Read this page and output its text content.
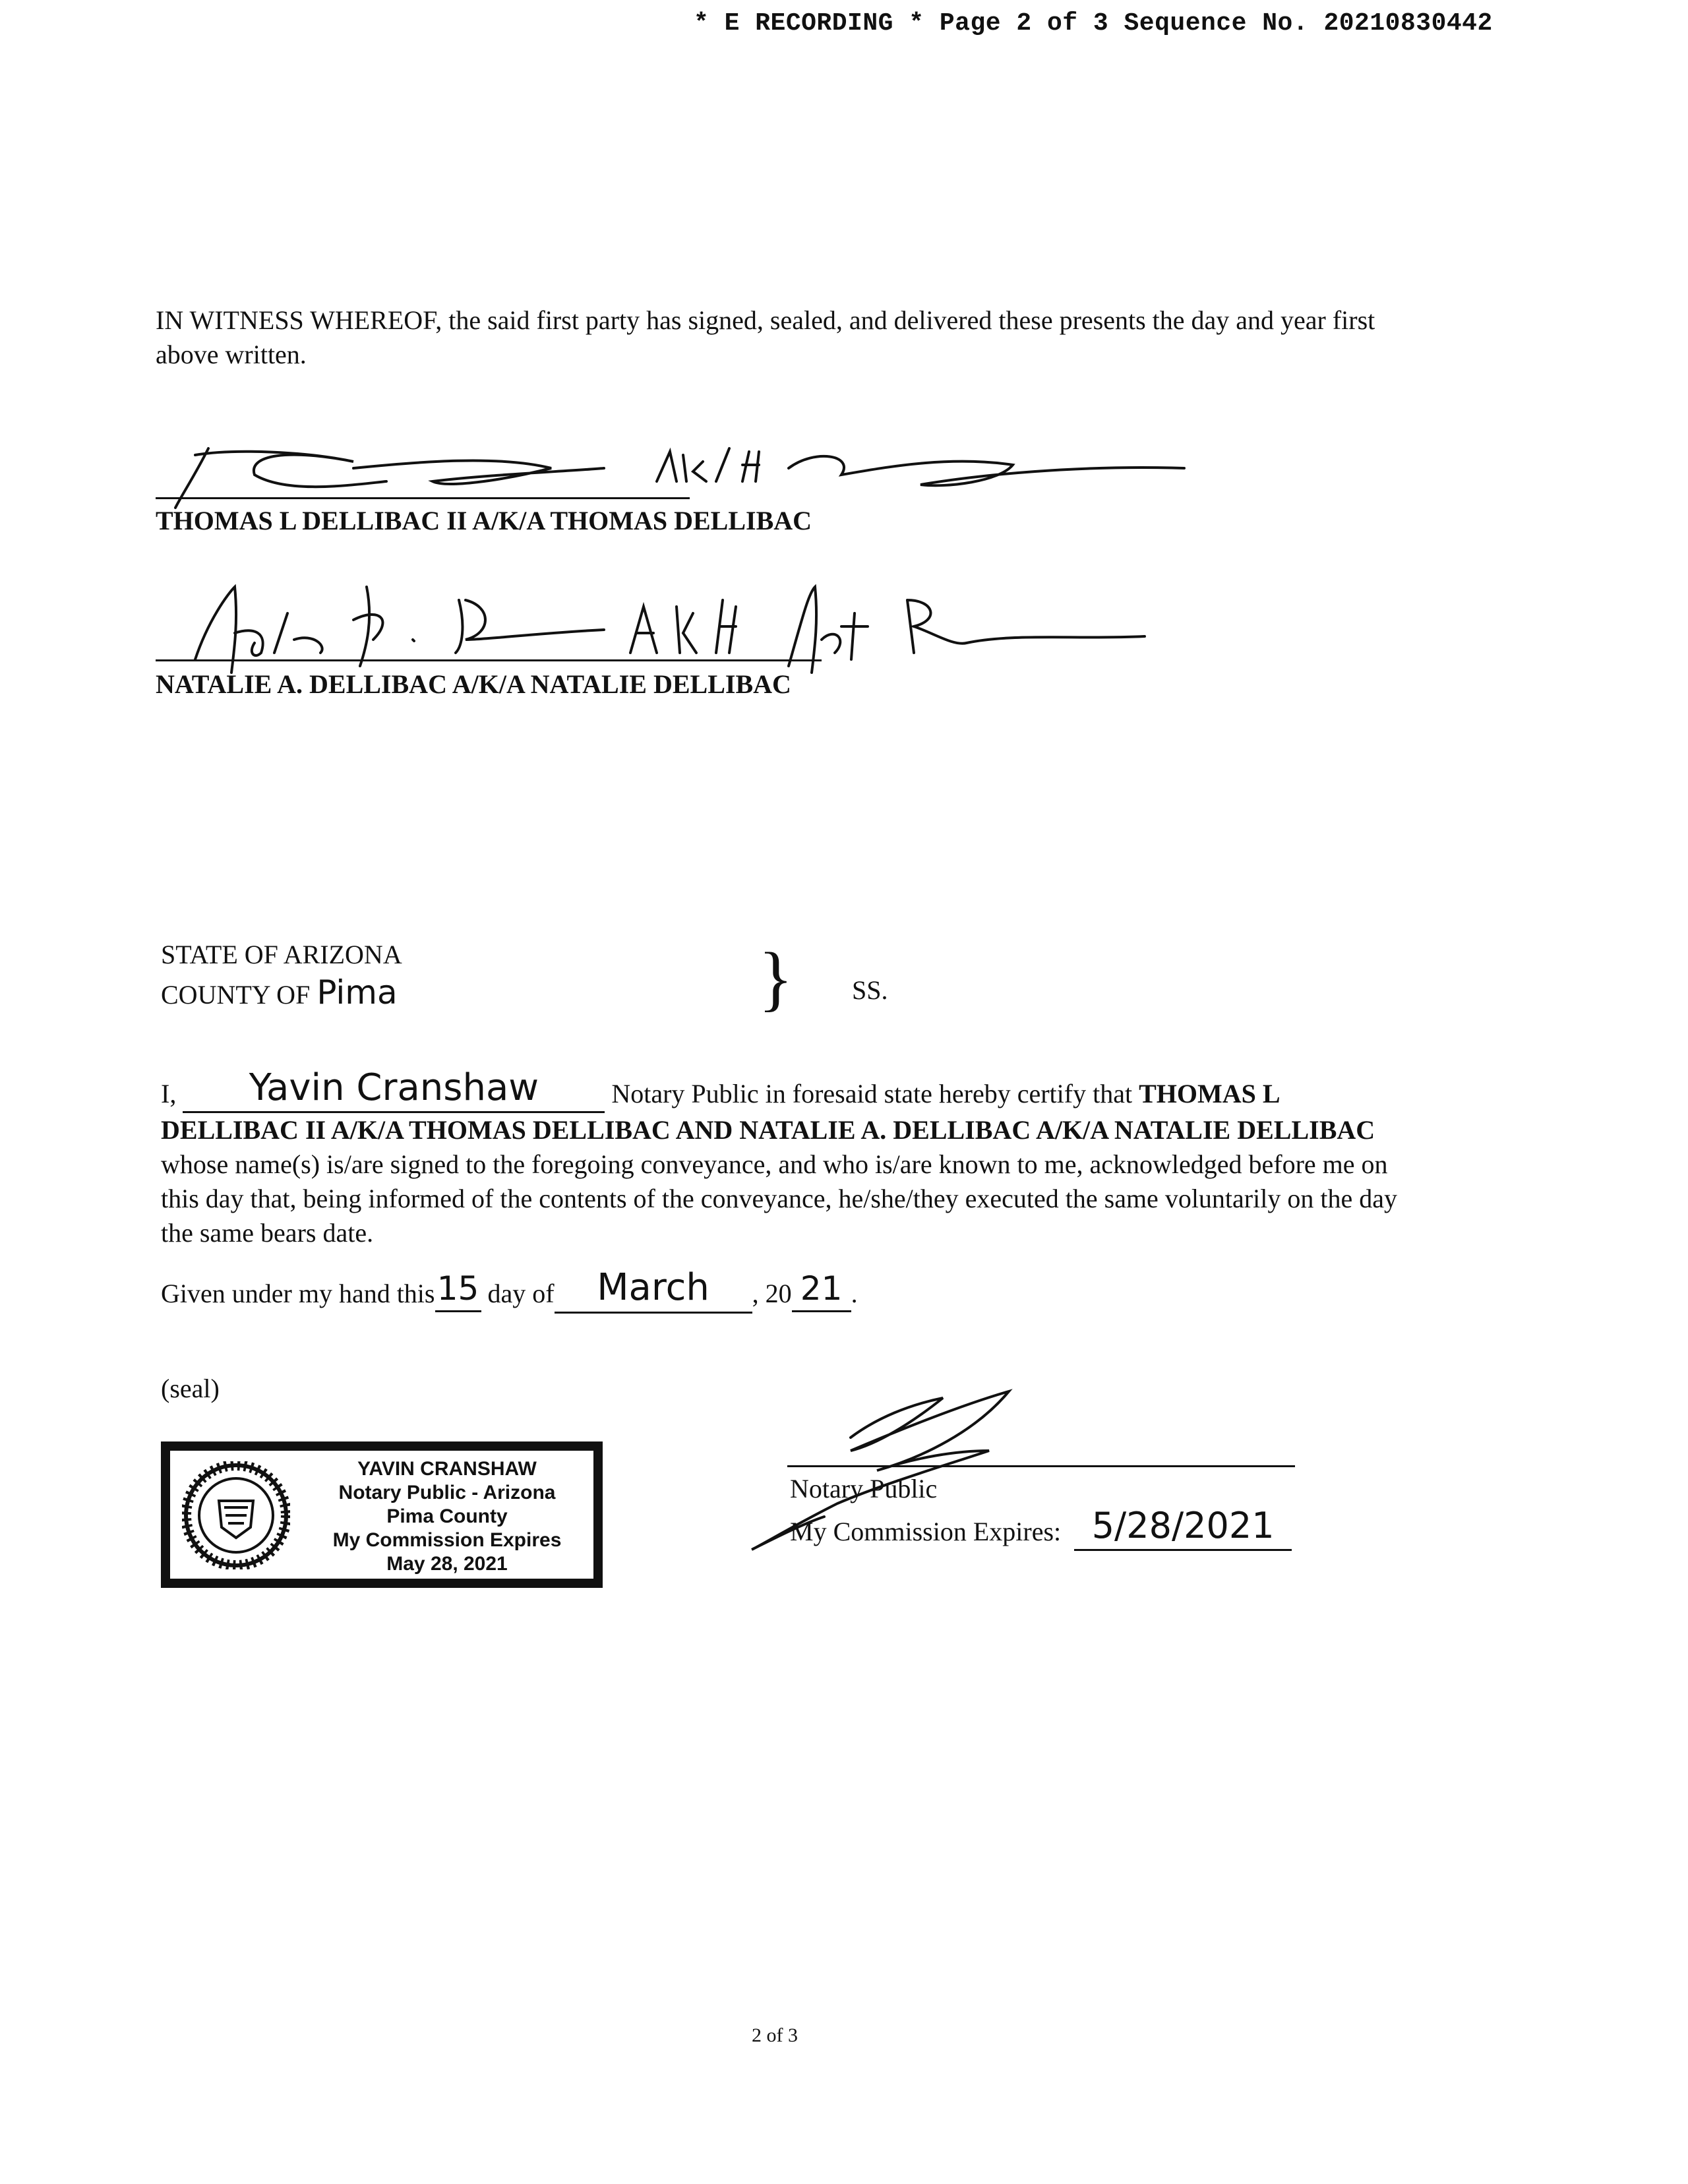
* E RECORDING * Page 2 of 3 Sequence No. 20210830442
IN WITNESS WHEREOF, the said first party has signed, sealed, and delivered these presents the day and year first above written.
THOMAS L DELLIBAC II A/K/A THOMAS DELLIBAC
NATALIE A. DELLIBAC A/K/A NATALIE DELLIBAC
STATE OF ARIZONA
COUNTY OF Pima	} SS.
I, Yavin Cranshaw	Notary Public in foresaid state hereby certify that THOMAS L DELLIBAC II A/K/A THOMAS DELLIBAC AND NATALIE A. DELLIBAC A/K/A NATALIE DELLIBAC whose name(s) is/are signed to the foregoing conveyance, and who is/are known to me, acknowledged before me on this day that, being informed of the contents of the conveyance, he/she/they executed the same voluntarily on the day the same bears date.
Given under my hand this15 day of March , 20 21 .
(seal)
YAVIN CRANSHAW
Notary Public - Arizona
Pima County
My Commission Expires
May 28, 2021
Notary Public
My Commission Expires: 5/28/2021
2 of 3
